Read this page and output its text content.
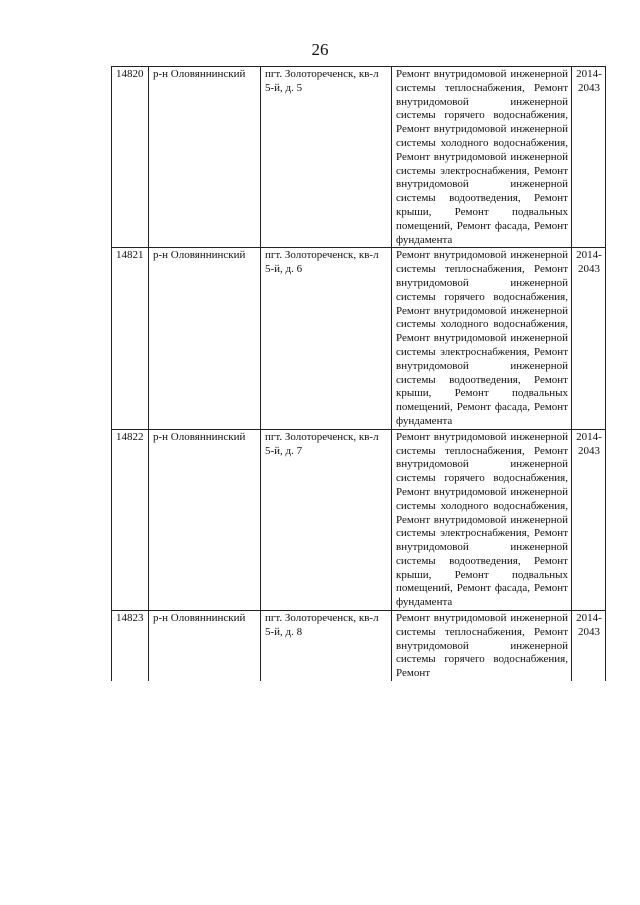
26
14820	р-н Оловяннинский	пгт. Золотореченск, кв-л 5-й, д. 5	Ремонт внутридомовой инженерной системы теплоснабжения, Ремонт внутридомовой инженерной системы горячего водоснабжения, Ремонт внутридомовой инженерной системы холодного водоснабжения, Ремонт внутридомовой инженерной системы электроснабжения, Ремонт внутридомовой инженерной системы водоотведения, Ремонт крыши, Ремонт подвальных помещений, Ремонт фасада, Ремонт фундамента	2014-2043
14821	р-н Оловяннинский	пгт. Золотореченск, кв-л 5-й, д. 6	Ремонт внутридомовой инженерной системы теплоснабжения, Ремонт внутридомовой инженерной системы горячего водоснабжения, Ремонт внутридомовой инженерной системы холодного водоснабжения, Ремонт внутридомовой инженерной системы электроснабжения, Ремонт внутридомовой инженерной системы водоотведения, Ремонт крыши, Ремонт подвальных помещений, Ремонт фасада, Ремонт фундамента	2014-2043
14822	р-н Оловяннинский	пгт. Золотореченск, кв-л 5-й, д. 7	Ремонт внутридомовой инженерной системы теплоснабжения, Ремонт внутридомовой инженерной системы горячего водоснабжения, Ремонт внутридомовой инженерной системы холодного водоснабжения, Ремонт внутридомовой инженерной системы электроснабжения, Ремонт внутридомовой инженерной системы водоотведения, Ремонт крыши, Ремонт подвальных помещений, Ремонт фасада, Ремонт фундамента	2014-2043
14823	р-н Оловяннинский	пгт. Золотореченск, кв-л 5-й, д. 8	Ремонт внутридомовой инженерной системы теплоснабжения, Ремонт внутридомовой инженерной системы горячего водоснабжения, Ремонт	2014-2043
